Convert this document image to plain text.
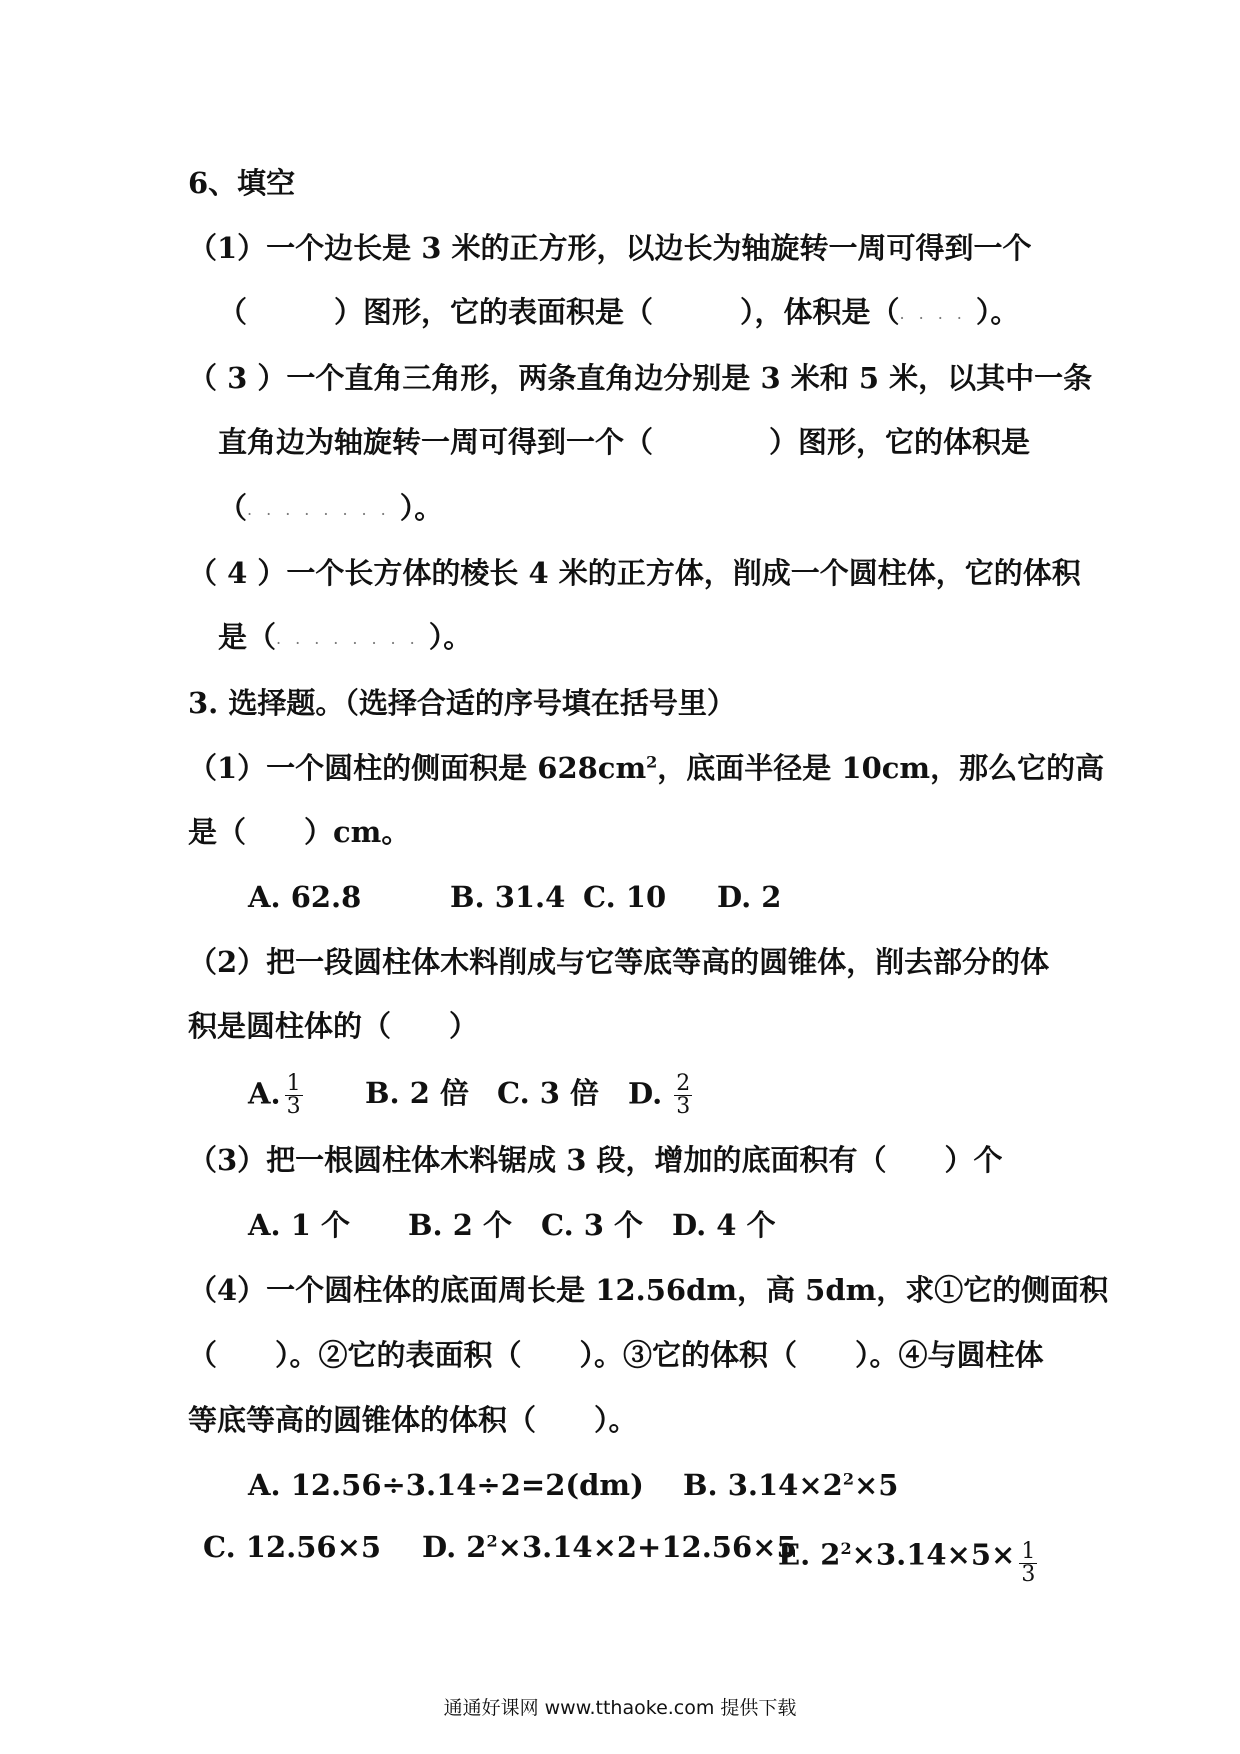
6、填空
（1）一个边长是 3 米的正方形，以边长为轴旋转一周可得到一个
（　　　）图形，它的表面积是（　　　），体积是（....）。
（ 3 ）一个直角三角形，两条直角边分别是 3 米和 5 米，以其中一条
直角边为轴旋转一周可得到一个（　　　　）图形，它的体积是
（........）。
（ 4 ）一个长方体的棱长 4 米的正方体，削成一个圆柱体，它的体积
是（........）。
3. 选择题。（选择合适的序号填在括号里）
（1）一个圆柱的侧面积是 $628cm^2$，底面半径是 10cm，那么它的高
是（　　）cm。
A. 62.8	B. 31.4 C. 10 D. 2
（2）把一段圆柱体木料削成与它等底等高的圆锥体，削去部分的体
积是圆柱体的（　　）
A. $\frac{1}{3} B$. 2 倍 C. 3 倍 D. $\frac{2}{3}$
（3）把一根圆柱体木料锯成 3 段，增加的底面积有（　　）个
A. 1 个 B. 2 个 C. 3 个 D. 4 个
（4）一个圆柱体的底面周长是 12.56dm，高 5dm，求①它的侧面积
（　　）。②它的表面积（　　）。③它的体积（　　）。④与圆柱体
等底等高的圆锥体的体积（　　）。
A. 12.56÷3.14÷2=2(dm) B. $3.14\times 2^2\times 5$
C. 12.56×5 D. $2^2\times 3.14\times 2+12.56\times 5$
E. $2^2\times 3.14\times 5\times \frac{1}{3}$
通通好课网 www.tthaoke.com 提供下载
